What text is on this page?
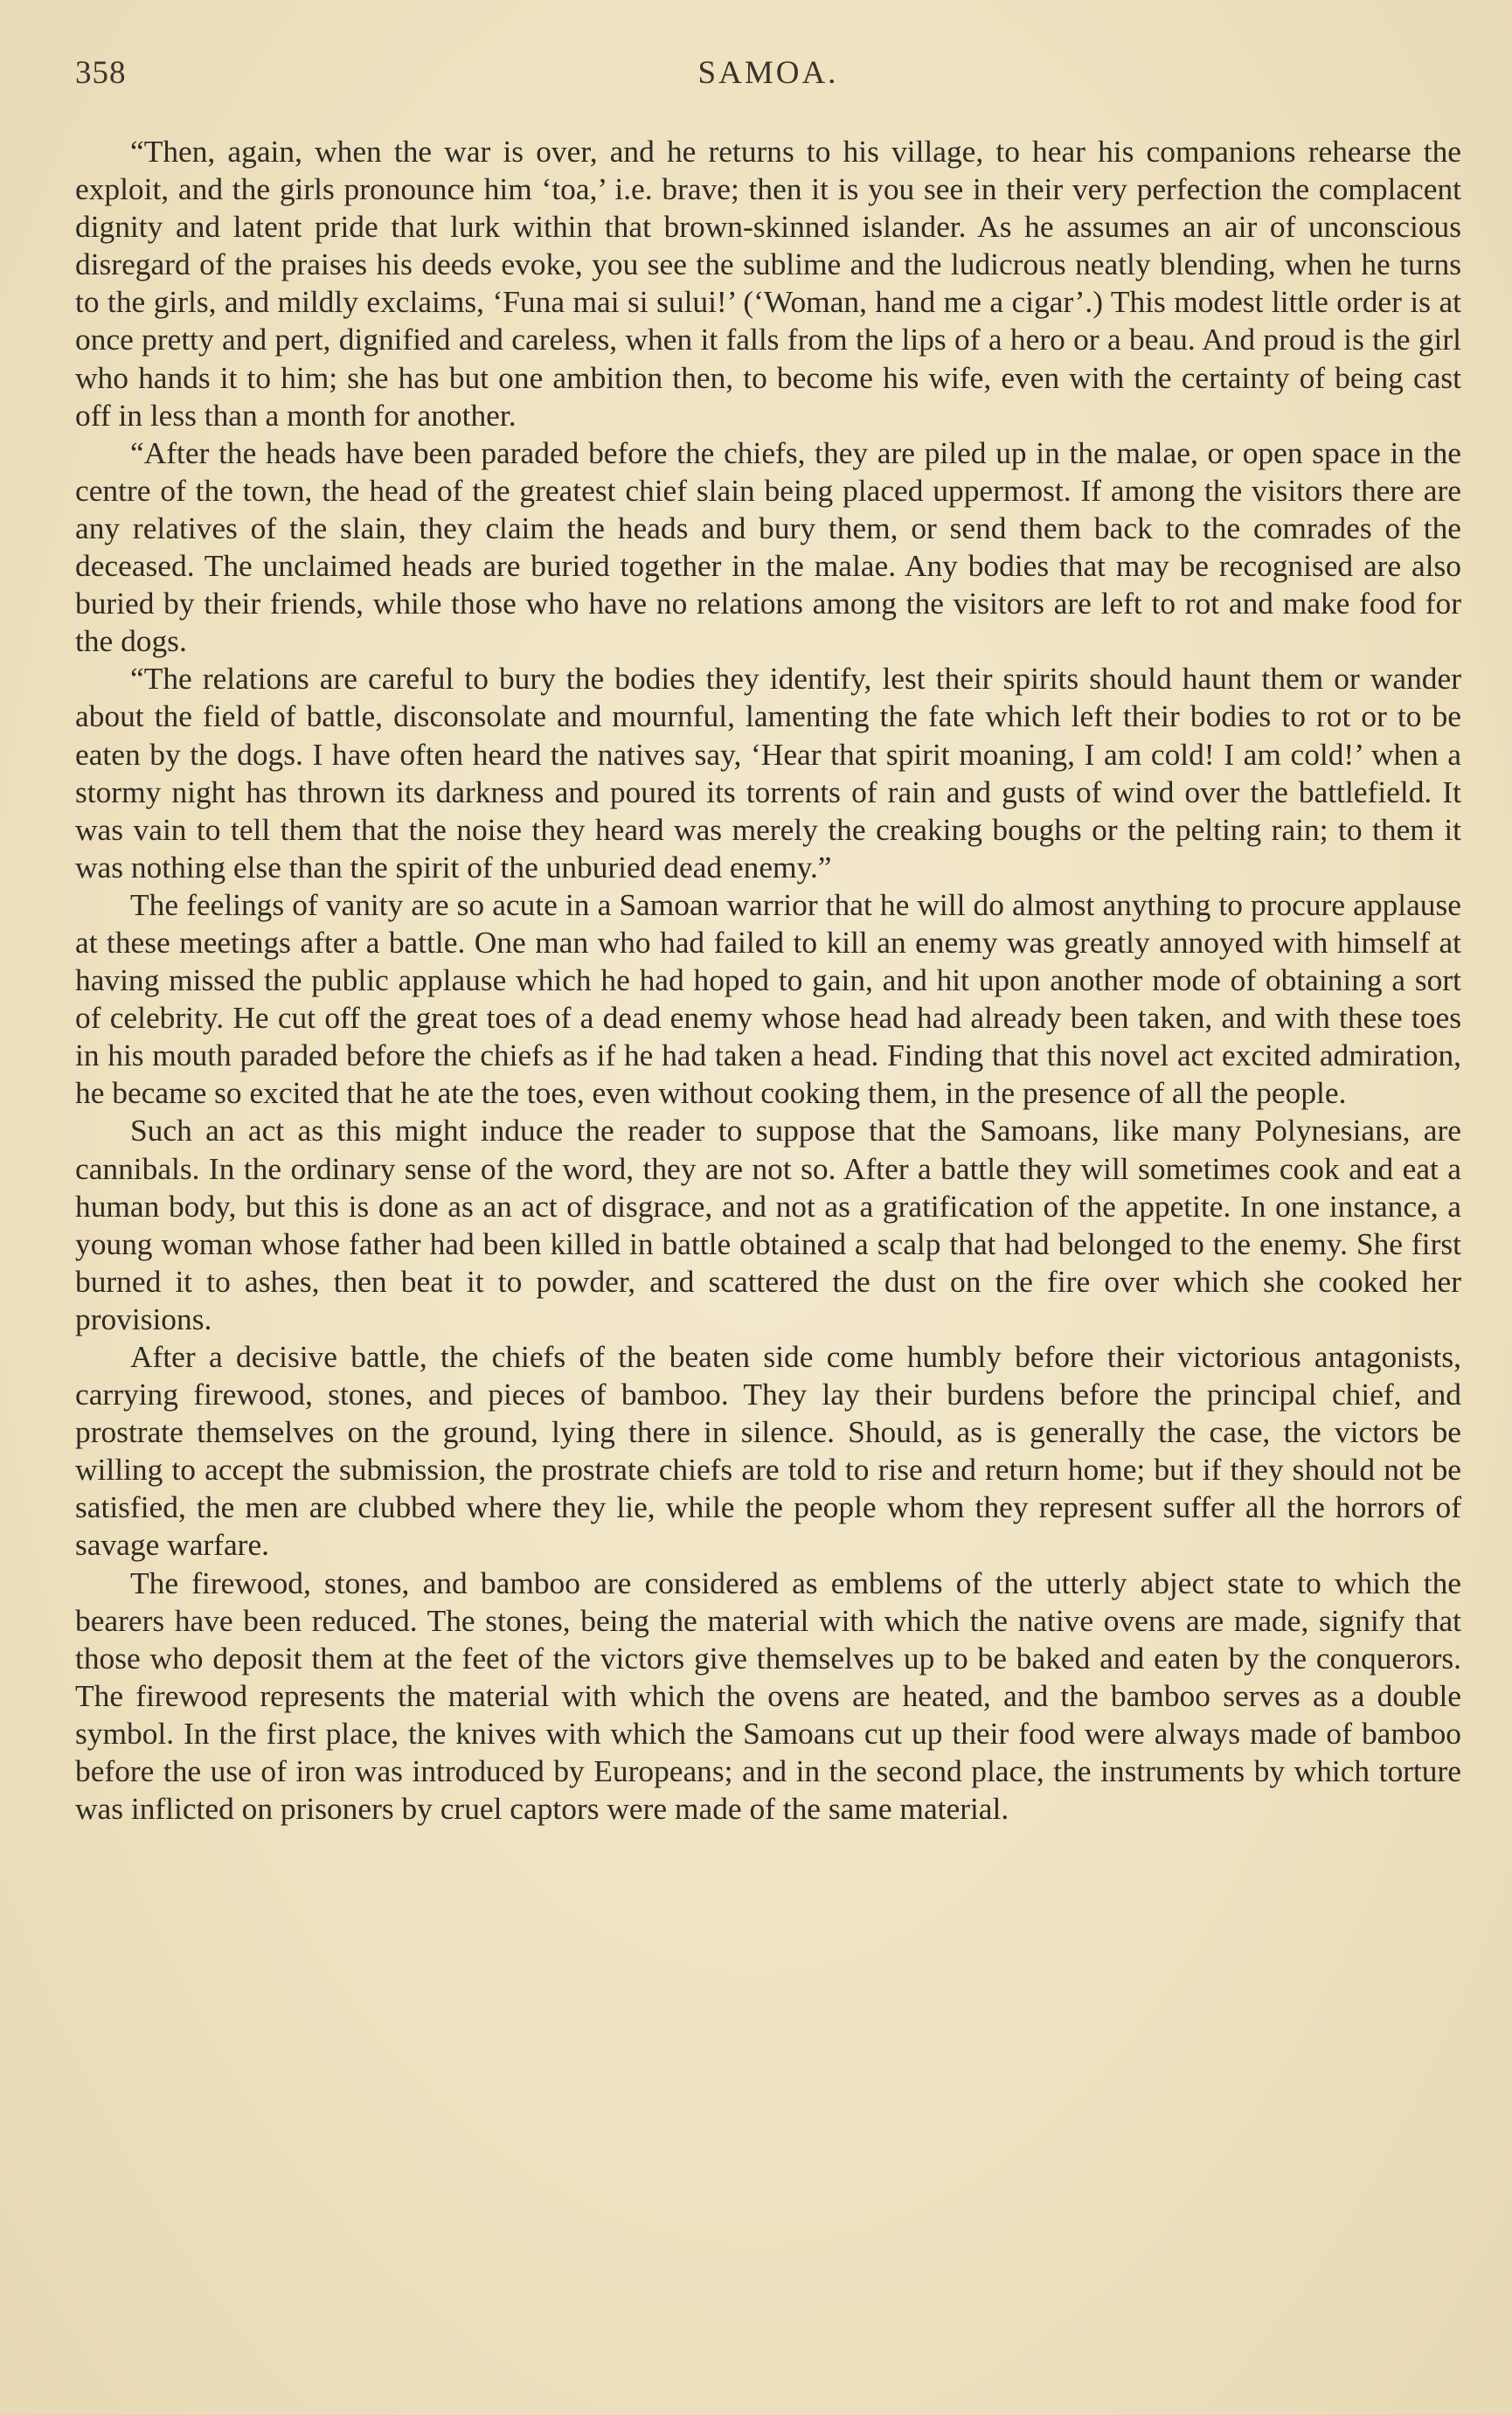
358	SAMOA.

“Then, again, when the war is over, and he returns to his village, to hear his companions rehearse the exploit, and the girls pronounce him ‘toa,’ i.e. brave; then it is you see in their very perfection the complacent dignity and latent pride that lurk within that brown-skinned islander. As he assumes an air of unconscious disregard of the praises his deeds evoke, you see the sublime and the ludicrous neatly blending, when he turns to the girls, and mildly exclaims, ‘Funa mai si sului!’ (‘Woman, hand me a cigar’.) This modest little order is at once pretty and pert, dignified and careless, when it falls from the lips of a hero or a beau. And proud is the girl who hands it to him; she has but one ambition then, to become his wife, even with the certainty of being cast off in less than a month for another.

“After the heads have been paraded before the chiefs, they are piled up in the malae, or open space in the centre of the town, the head of the greatest chief slain being placed uppermost. If among the visitors there are any relatives of the slain, they claim the heads and bury them, or send them back to the comrades of the deceased. The unclaimed heads are buried together in the malae. Any bodies that may be recognised are also buried by their friends, while those who have no relations among the visitors are left to rot and make food for the dogs.

“The relations are careful to bury the bodies they identify, lest their spirits should haunt them or wander about the field of battle, disconsolate and mournful, lamenting the fate which left their bodies to rot or to be eaten by the dogs. I have often heard the natives say, ‘Hear that spirit moaning, I am cold! I am cold!’ when a stormy night has thrown its darkness and poured its torrents of rain and gusts of wind over the battlefield. It was vain to tell them that the noise they heard was merely the creaking boughs or the pelting rain; to them it was nothing else than the spirit of the unburied dead enemy.”

The feelings of vanity are so acute in a Samoan warrior that he will do almost anything to procure applause at these meetings after a battle. One man who had failed to kill an enemy was greatly annoyed with himself at having missed the public applause which he had hoped to gain, and hit upon another mode of obtaining a sort of celebrity. He cut off the great toes of a dead enemy whose head had already been taken, and with these toes in his mouth paraded before the chiefs as if he had taken a head. Finding that this novel act excited admiration, he became so excited that he ate the toes, even without cooking them, in the presence of all the people.

Such an act as this might induce the reader to suppose that the Samoans, like many Polynesians, are cannibals. In the ordinary sense of the word, they are not so. After a battle they will sometimes cook and eat a human body, but this is done as an act of disgrace, and not as a gratification of the appetite. In one instance, a young woman whose father had been killed in battle obtained a scalp that had belonged to the enemy. She first burned it to ashes, then beat it to powder, and scattered the dust on the fire over which she cooked her provisions.

After a decisive battle, the chiefs of the beaten side come humbly before their victorious antagonists, carrying firewood, stones, and pieces of bamboo. They lay their burdens before the principal chief, and prostrate themselves on the ground, lying there in silence. Should, as is generally the case, the victors be willing to accept the submission, the prostrate chiefs are told to rise and return home; but if they should not be satisfied, the men are clubbed where they lie, while the people whom they represent suffer all the horrors of savage warfare.

The firewood, stones, and bamboo are considered as emblems of the utterly abject state to which the bearers have been reduced. The stones, being the material with which the native ovens are made, signify that those who deposit them at the feet of the victors give themselves up to be baked and eaten by the conquerors. The firewood represents the material with which the ovens are heated, and the bamboo serves as a double symbol. In the first place, the knives with which the Samoans cut up their food were always made of bamboo before the use of iron was introduced by Europeans; and in the second place, the instruments by which torture was inflicted on prisoners by cruel captors were made of the same material.
